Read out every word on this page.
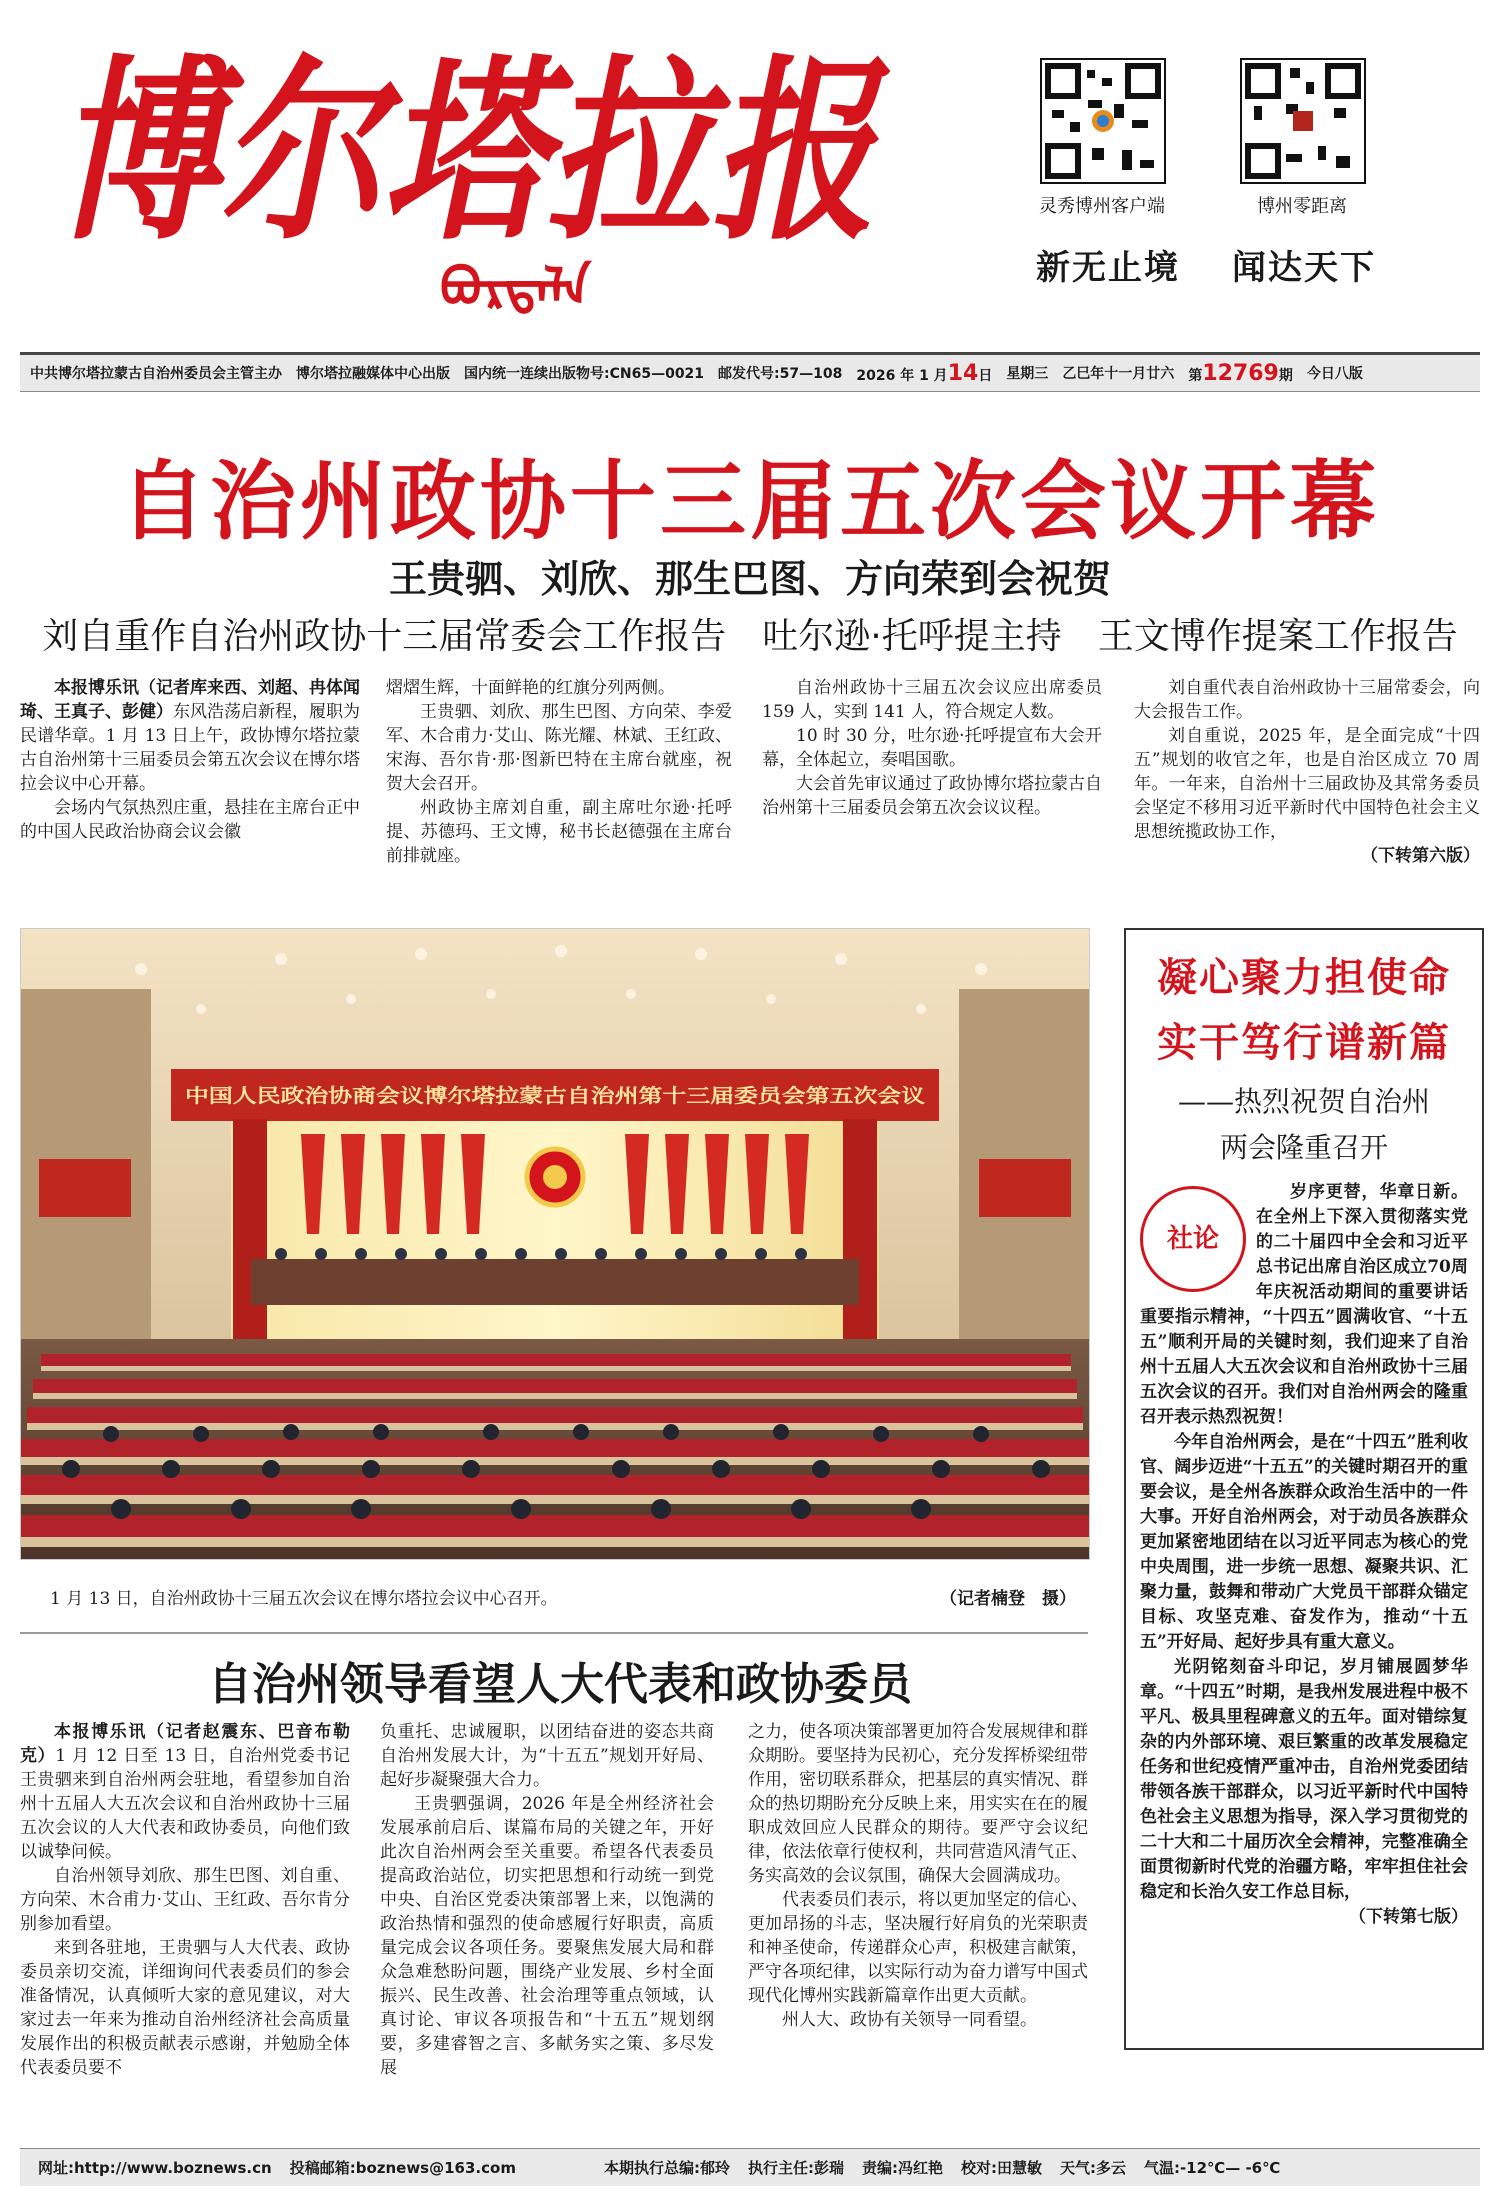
博尔塔拉报
ᠪᠣᠷᠲᠠᠯᠠ
灵秀博州客户端	博州零距离
新无止境 闻达天下
中共博尔塔拉蒙古自治州委员会主管主办 博尔塔拉融媒体中心出版 国内统一连续出版物号:CN65—0021 邮发代号:57—108 2026 年 1 月14日 星期三 乙巳年十一月廿六 第12769期 今日八版
自治州政协十三届五次会议开幕
王贵驷、刘欣、那生巴图、方向荣到会祝贺
刘自重作自治州政协十三届常委会工作报告　吐尔逊·托呼提主持　王文博作提案工作报告

本报博乐讯（记者库来西、刘超、冉体闻琦、王真子、彭健）东风浩荡启新程，履职为民谱华章。1 月 13 日上午，政协博尔塔拉蒙古自治州第十三届委员会第五次会议在博尔塔拉会议中心开幕。

会场内气氛热烈庄重，悬挂在主席台正中的中国人民政治协商会议会徽

熠熠生辉，十面鲜艳的红旗分列两侧。

王贵驷、刘欣、那生巴图、方向荣、李爱军、木合甫力·艾山、陈光耀、林斌、王红政、宋海、吾尔肯·那·图新巴特在主席台就座，祝贺大会召开。

州政协主席刘自重，副主席吐尔逊·托呼提、苏德玛、王文博，秘书长赵德强在主席台前排就座。

自治州政协十三届五次会议应出席委员 159 人，实到 141 人，符合规定人数。

10 时 30 分，吐尔逊·托呼提宣布大会开幕，全体起立，奏唱国歌。

大会首先审议通过了政协博尔塔拉蒙古自治州第十三届委员会第五次会议议程。

刘自重代表自治州政协十三届常委会，向大会报告工作。

刘自重说，2025 年，是全面完成“十四五”规划的收官之年，也是自治区成立 70 周年。一年来，自治州十三届政协及其常务委员会坚定不移用习近平新时代中国特色社会主义思想统揽政协工作，

（下转第六版）
中国人民政治协商会议博尔塔拉蒙古自治州第十三届委员会第五次会议
1 月 13 日，自治州政协十三届五次会议在博尔塔拉会议中心召开。	（记者楠登　摄）
凝心聚力担使命
实干笃行谱新篇
——热烈祝贺自治州
两会隆重召开
社论

岁序更替，华章日新。在全州上下深入贯彻落实党的二十届四中全会和习近平总书记出席自治区成立70周年庆祝活动期间的重要讲话重要指示精神，“十四五”圆满收官、“十五五”顺利开局的关键时刻，我们迎来了自治州十五届人大五次会议和自治州政协十三届五次会议的召开。我们对自治州两会的隆重召开表示热烈祝贺！

今年自治州两会，是在“十四五”胜利收官、阔步迈进“十五五”的关键时期召开的重要会议，是全州各族群众政治生活中的一件大事。开好自治州两会，对于动员各族群众更加紧密地团结在以习近平同志为核心的党中央周围，进一步统一思想、凝聚共识、汇聚力量，鼓舞和带动广大党员干部群众锚定目标、攻坚克难、奋发作为，推动“十五五”开好局、起好步具有重大意义。

光阴铭刻奋斗印记，岁月铺展圆梦华章。“十四五”时期，是我州发展进程中极不平凡、极具里程碑意义的五年。面对错综复杂的内外部环境、艰巨繁重的改革发展稳定任务和世纪疫情严重冲击，自治州党委团结带领各族干部群众，以习近平新时代中国特色社会主义思想为指导，深入学习贯彻党的二十大和二十届历次全会精神，完整准确全面贯彻新时代党的治疆方略，牢牢担住社会稳定和长治久安工作总目标，

（下转第七版）
自治州领导看望人大代表和政协委员

本报博乐讯（记者赵震东、巴音布勒克）1 月 12 日至 13 日，自治州党委书记王贵驷来到自治州两会驻地，看望参加自治州十五届人大五次会议和自治州政协十三届五次会议的人大代表和政协委员，向他们致以诚挚问候。

自治州领导刘欣、那生巴图、刘自重、方向荣、木合甫力·艾山、王红政、吾尔肯分别参加看望。

来到各驻地，王贵驷与人大代表、政协委员亲切交流，详细询问代表委员们的参会准备情况，认真倾听大家的意见建议，对大家过去一年来为推动自治州经济社会高质量发展作出的积极贡献表示感谢，并勉励全体代表委员要不

负重托、忠诚履职，以团结奋进的姿态共商自治州发展大计，为“十五五”规划开好局、起好步凝聚强大合力。

王贵驷强调，2026 年是全州经济社会发展承前启后、谋篇布局的关键之年，开好此次自治州两会至关重要。希望各代表委员提高政治站位，切实把思想和行动统一到党中央、自治区党委决策部署上来，以饱满的政治热情和强烈的使命感履行好职责，高质量完成会议各项任务。要聚焦发展大局和群众急难愁盼问题，围绕产业发展、乡村全面振兴、民生改善、社会治理等重点领域，认真讨论、审议各项报告和“十五五”规划纲要，多建睿智之言、多献务实之策、多尽发展

之力，使各项决策部署更加符合发展规律和群众期盼。要坚持为民初心，充分发挥桥梁纽带作用，密切联系群众，把基层的真实情况、群众的热切期盼充分反映上来，用实实在在的履职成效回应人民群众的期待。要严守会议纪律，依法依章行使权利，共同营造风清气正、务实高效的会议氛围，确保大会圆满成功。

代表委员们表示，将以更加坚定的信心、更加昂扬的斗志，坚决履行好肩负的光荣职责和神圣使命，传递群众心声，积极建言献策，严守各项纪律，以实际行动为奋力谱写中国式现代化博州实践新篇章作出更大贡献。

州人大、政协有关领导一同看望。

网址:http://www.boznews.cn 投稿邮箱:boznews@163.com	本期执行总编:郁玲 执行主任:彭瑞 责编:冯红艳 校对:田慧敏 天气:多云 气温:-12℃— -6℃
